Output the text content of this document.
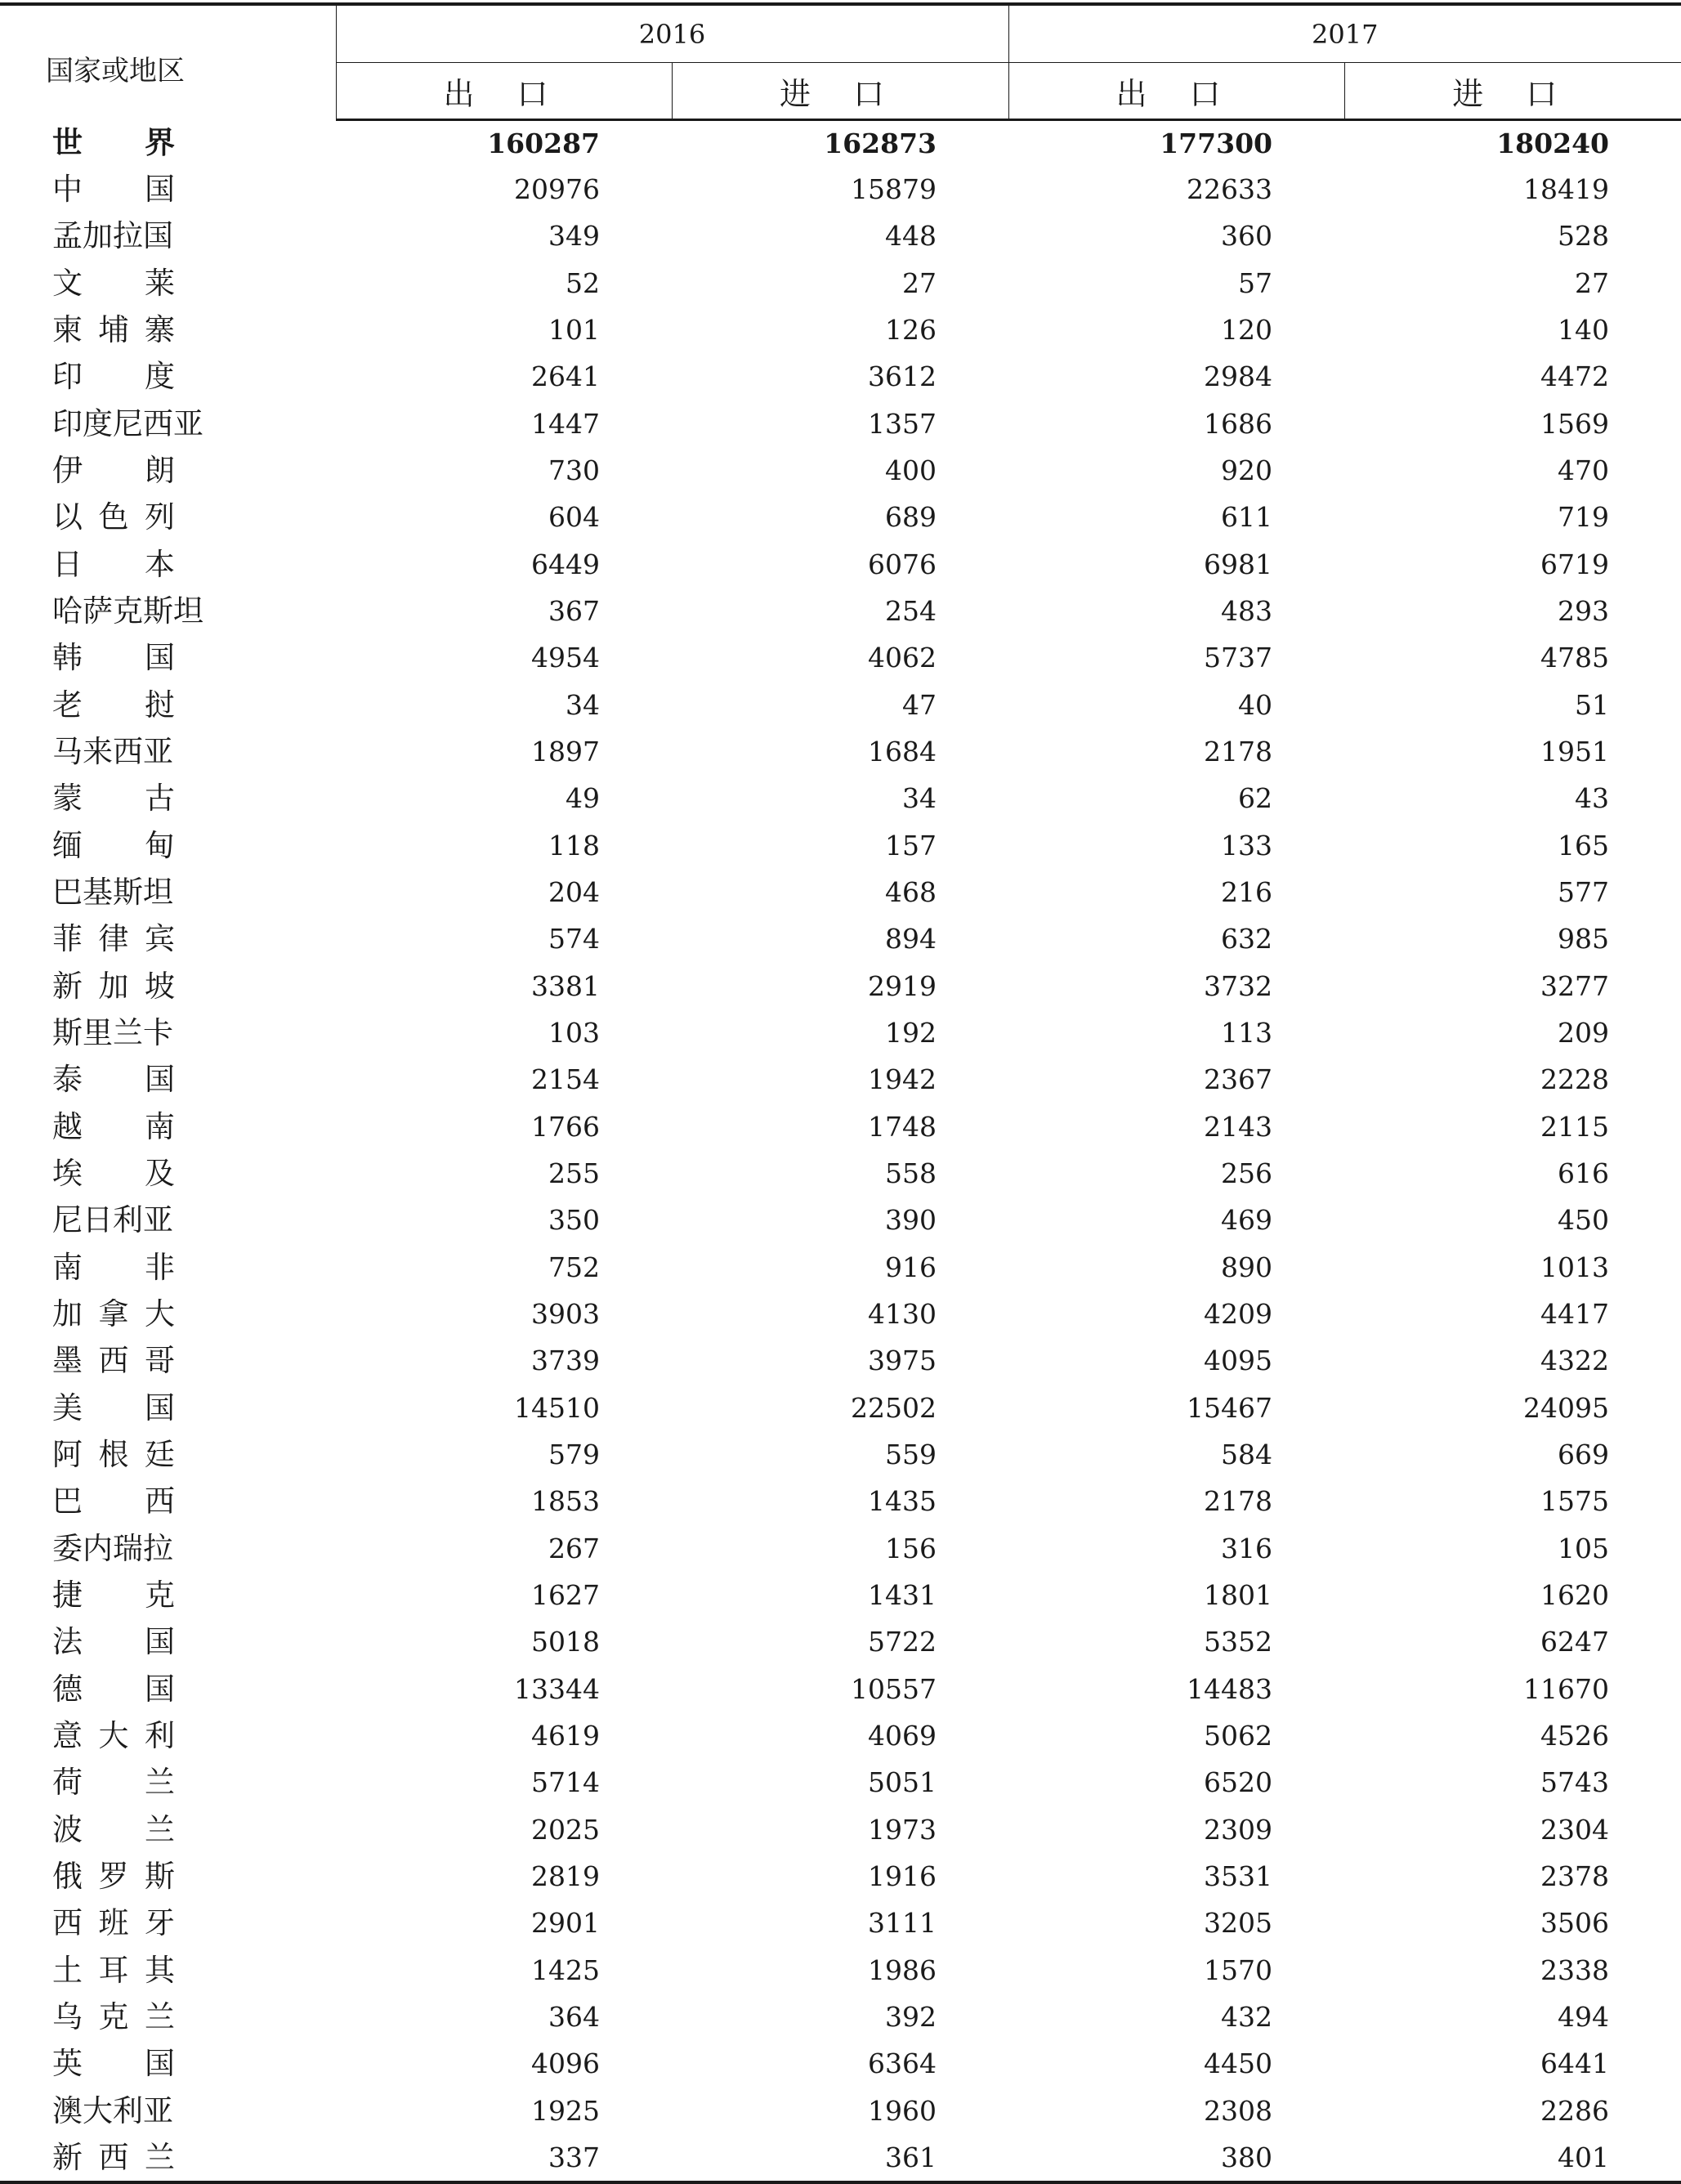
国家或地区	2016		2017	
	出 口	进 口	出 口	进 口
世 界	160287	162873	177300	180240
中 国	20976	15879	22633	18419
孟加拉国	349	448	360	528
文 莱	52	27	57	27
柬 埔 寨	101	126	120	140
印 度	2641	3612	2984	4472
印度尼西亚	1447	1357	1686	1569
伊 朗	730	400	920	470
以 色 列	604	689	611	719
日 本	6449	6076	6981	6719
哈萨克斯坦	367	254	483	293
韩 国	4954	4062	5737	4785
老 挝	34	47	40	51
马来西亚	1897	1684	2178	1951
蒙 古	49	34	62	43
缅 甸	118	157	133	165
巴基斯坦	204	468	216	577
菲 律 宾	574	894	632	985
新 加 坡	3381	2919	3732	3277
斯里兰卡	103	192	113	209
泰 国	2154	1942	2367	2228
越 南	1766	1748	2143	2115
埃 及	255	558	256	616
尼日利亚	350	390	469	450
南 非	752	916	890	1013
加 拿 大	3903	4130	4209	4417
墨 西 哥	3739	3975	4095	4322
美 国	14510	22502	15467	24095
阿 根 廷	579	559	584	669
巴 西	1853	1435	2178	1575
委内瑞拉	267	156	316	105
捷 克	1627	1431	1801	1620
法 国	5018	5722	5352	6247
德 国	13344	10557	14483	11670
意 大 利	4619	4069	5062	4526
荷 兰	5714	5051	6520	5743
波 兰	2025	1973	2309	2304
俄 罗 斯	2819	1916	3531	2378
西 班 牙	2901	3111	3205	3506
土 耳 其	1425	1986	1570	2338
乌 克 兰	364	392	432	494
英 国	4096	6364	4450	6441
澳大利亚	1925	1960	2308	2286
新 西 兰	337	361	380	401
